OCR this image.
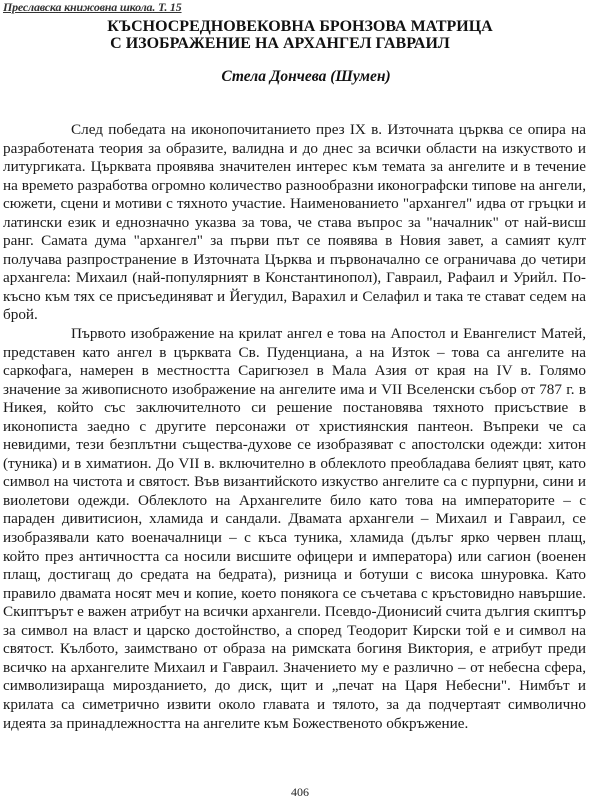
Преславска книжовна школа. Т. 15
КЪСНОСРЕДНОВЕКОВНА БРОНЗОВА МАТРИЦА
С ИЗОБРАЖЕНИЕ НА АРХАНГЕЛ ГАВРАИЛ
Стела Дончева (Шумен)

След победата на иконопочитанието през IX в. Източната църква се опира на разработената теория за образите, валидна и до днес за всички области на изкуството и литургиката. Църквата проявява значителен интерес към темата за ангелите и в течение на времето разработва огромно количество разнообразни иконографски типове на ангели, сюжети, сцени и мотиви с тяхното участие. Наименованието "архангел" идва от гръцки и латински език и еднозначно указва за това, че става въпрос за "началник" от най-висш ранг. Самата дума "архангел" за първи път се появява в Новия завет, а самият култ получава разпространение в Източната Църква и първоначално се ограничава до четири архангела: Михаил (най-популярният в Константинопол), Гавраил, Рафаил и Урийл. По-късно към тях се присъединяват и Йегудил, Варахил и Селафил и така те стават седем на брой.

Първото изображение на крилат ангел е това на Апостол и Евангелист Матей, представен като ангел в църквата Св. Пуденциана, а на Изток – това са ангелите на саркофага, намерен в местността Саригюзел в Мала Азия от края на IV в. Голямо значение за живописното изображение на ангелите има и VII Вселенски събор от 787 г. в Никея, който със заключителното си решение постановява тяхното присъствие в иконописта заедно с другите персонажи от християнския пантеон. Въпреки че са невидими, тези безплътни същества-духове се изобразяват с апостолски одежди: хитон (туника) и в химатион. До VII в. включително в облеклото преобладава белият цвят, като символ на чистота и святост. Във византийското изкуство ангелите са с пурпурни, сини и виолетови одежди. Облеклото на Архангелите било като това на императорите – с параден дивитисион, хламида и сандали. Двамата архангели – Михаил и Гавраил, се изобразявали като военачалници – с къса туника, хламида (дълъг ярко червен плащ, който през античността са носили висшите офицери и императора) или сагион (военен плащ, достигащ до средата на бедрата), ризница и ботуши с висока шнуровка. Като правило двамата носят меч и копие, което понякога се съчетава с кръстовидно навършие. Скиптърът е важен атрибут на всички архангели. Псевдо-Дионисий счита дългия скиптър за символ на власт и царско достойнство, а според Теодорит Кирски той е и символ на святост. Кълбото, заимствано от образа на римската богиня Виктория, е атрибут преди всичко на архангелите Михаил и Гавраил. Значението му е различно – от небесна сфера, символизираща мирозданието, до диск, щит и „печат на Царя Небесни". Нимбът и крилата са симетрично извити около главата и тялото, за да подчертаят символично идеята за принадлежността на ангелите към Божественото обкръжение.

406
